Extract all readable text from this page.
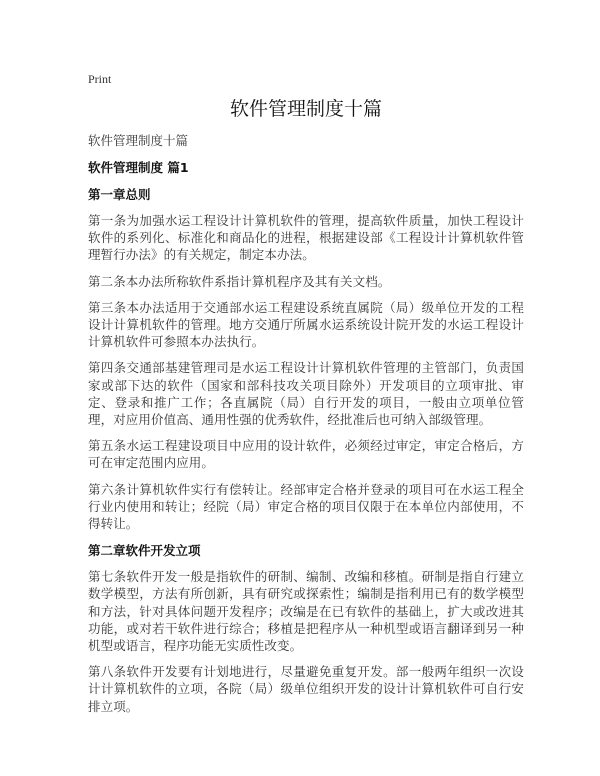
Print
软件管理制度十篇
软件管理制度十篇
软件管理制度 篇1
第一章总则

第一条为加强水运工程设计计算机软件的管理，提高软件质量，加快工程设计软件的系列化、标准化和商品化的进程，根据建设部《工程设计计算机软件管理暂行办法》的有关规定，制定本办法。

第二条本办法所称软件系指计算机程序及其有关文档。

第三条本办法适用于交通部水运工程建设系统直属院（局）级单位开发的工程设计计算机软件的管理。地方交通厅所属水运系统设计院开发的水运工程设计计算机软件可参照本办法执行。

第四条交通部基建管理司是水运工程设计计算机软件管理的主管部门，负责国家或部下达的软件（国家和部科技攻关项目除外）开发项目的立项审批、审定、登录和推广工作；各直属院（局）自行开发的项目，一般由立项单位管理，对应用价值高、通用性强的优秀软件，经批准后也可纳入部级管理。

第五条水运工程建设项目中应用的设计软件，必须经过审定，审定合格后，方可在审定范围内应用。

第六条计算机软件实行有偿转让。经部审定合格并登录的项目可在水运工程全行业内使用和转让；经院（局）审定合格的项目仅限于在本单位内部使用，不得转让。

第二章软件开发立项

第七条软件开发一般是指软件的研制、编制、改编和移植。研制是指自行建立数学模型，方法有所创新，具有研究或探索性；编制是指利用已有的数学模型和方法，针对具体问题开发程序；改编是在已有软件的基础上，扩大或改进其功能，或对若干软件进行综合；移植是把程序从一种机型或语言翻译到另一种机型或语言，程序功能无实质性改变。

第八条软件开发要有计划地进行，尽量避免重复开发。部一般两年组织一次设计计算机软件的立项，各院（局）级单位组织开发的设计计算机软件可自行安排立项。
